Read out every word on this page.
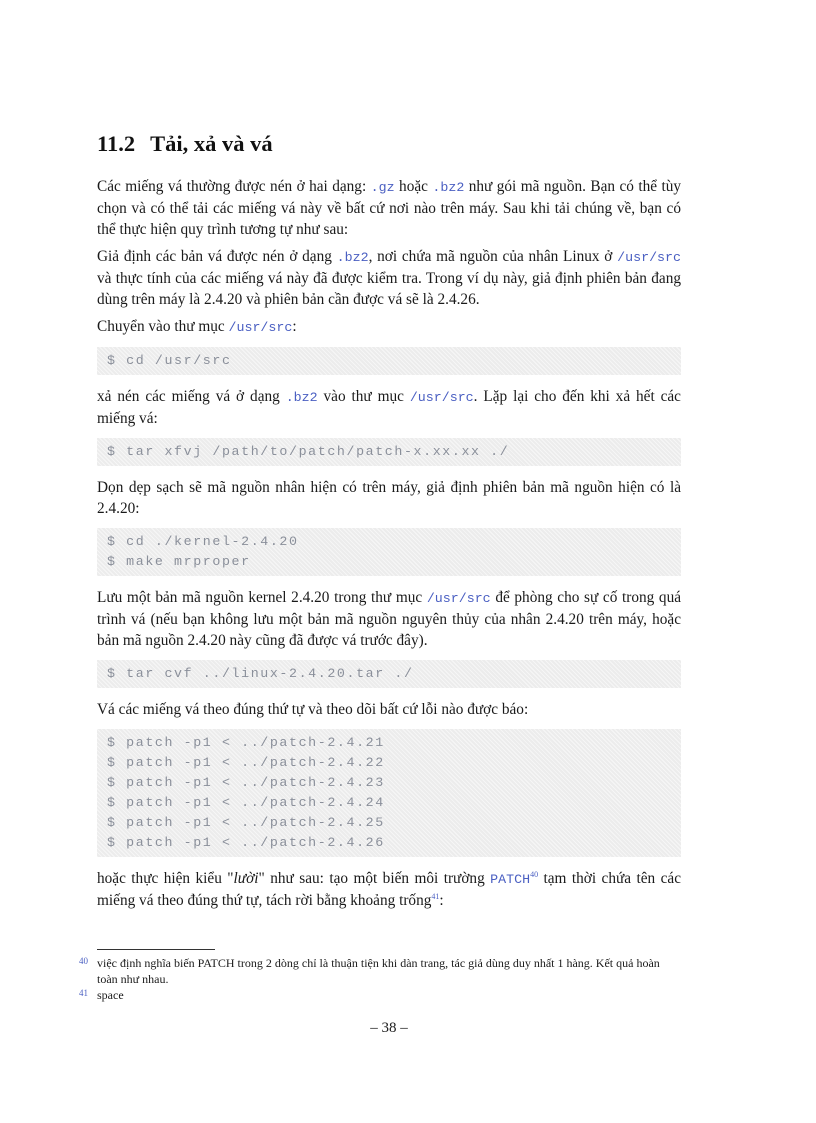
11.2 Tải, xả và vá

Các miếng vá thường được nén ở hai dạng: .gz hoặc .bz2 như gói mã nguồn. Bạn có thể tùy chọn và có thể tải các miếng vá này về bất cứ nơi nào trên máy. Sau khi tải chúng về, bạn có thể thực hiện quy trình tương tự như sau:

Giả định các bản vá được nén ở dạng .bz2, nơi chứa mã nguồn của nhân Linux ở /usr/src và thực tính của các miếng vá này đã được kiểm tra. Trong ví dụ này, giả định phiên bản đang dùng trên máy là 2.4.20 và phiên bản cần được vá sẽ là 2.4.26.

Chuyển vào thư mục /usr/src:

$ cd /usr/src

xả nén các miếng vá ở dạng .bz2 vào thư mục /usr/src. Lặp lại cho đến khi xả hết các miếng vá:

$ tar xfvj /path/to/patch/patch-x.xx.xx ./

Dọn dẹp sạch sẽ mã nguồn nhân hiện có trên máy, giả định phiên bản mã nguồn hiện có là 2.4.20:

$ cd ./kernel-2.4.20
$ make mrproper

Lưu một bản mã nguồn kernel 2.4.20 trong thư mục /usr/src để phòng cho sự cố trong quá trình vá (nếu bạn không lưu một bản mã nguồn nguyên thủy của nhân 2.4.20 trên máy, hoặc bản mã nguồn 2.4.20 này cũng đã được vá trước đây).

$ tar cvf ../linux-2.4.20.tar ./

Vá các miếng vá theo đúng thứ tự và theo dõi bất cứ lỗi nào được báo:

$ patch -p1 < ../patch-2.4.21
$ patch -p1 < ../patch-2.4.22
$ patch -p1 < ../patch-2.4.23
$ patch -p1 < ../patch-2.4.24
$ patch -p1 < ../patch-2.4.25
$ patch -p1 < ../patch-2.4.26

hoặc thực hiện kiểu "lười" như sau: tạo một biến môi trường PATCH$^{40}$ tạm thời chứa tên các miếng vá theo đúng thứ tự, tách rời bằng khoảng trống$^{41}$:

40 việc định nghĩa biến PATCH trong 2 dòng chỉ là thuận tiện khi dàn trang, tác giả dùng duy nhất 1 hàng. Kết quả hoàn toàn như nhau.
41 space
– 38 –
